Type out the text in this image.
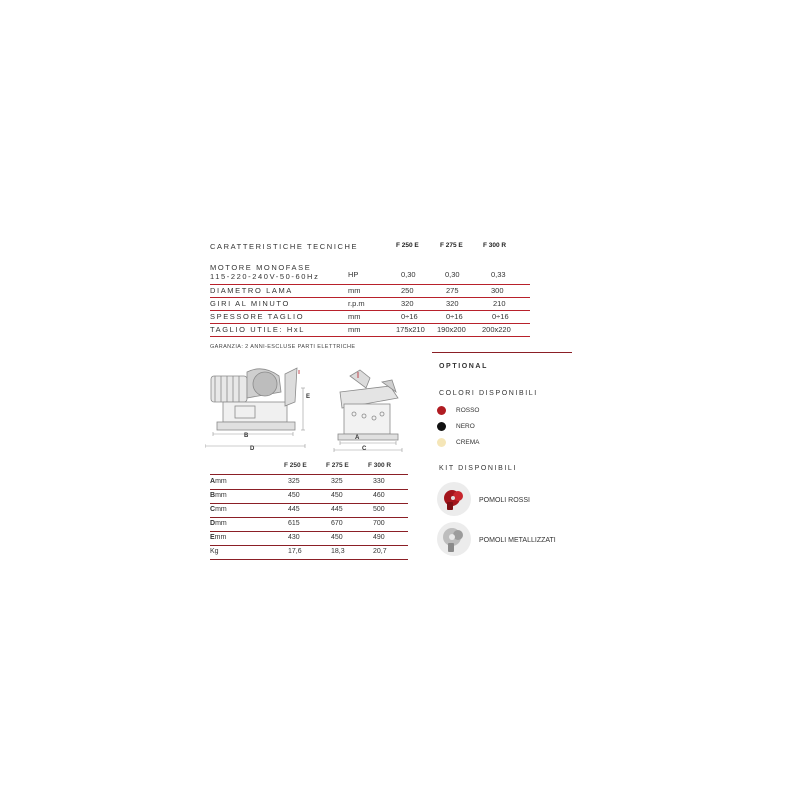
CARATTERISTICHE TECNICHE	F 250 E	F 275 E	F 300 R
MOTORE MONOFASE
115-220-240V-50-60Hz	HP	0,30	0,30	0,33
DIAMETRO LAMA	mm	250	275	300
GIRI AL MINUTO	r.p.m	320	320	210
SPESSORE TAGLIO	mm	0÷16	0÷16	0÷16
TAGLIO UTILE: HxL	mm	175x210 190x200 200x220
GARANZIA: 2 ANNI-ESCLUSE PARTI ELETTRICHE
B
D
E
A
C
F 250 E	F 275 E	F 300 R
Amm	325	325	330
Bmm	450	450	460
Cmm	445	445	500
Dmm	615	670	700
Emm	430	450	490
Kg	17,6	18,3	20,7
OPTIONAL
COLORI DISPONIBILI
ROSSO
NERO
CREMA
KIT DISPONIBILI
POMOLI ROSSI
POMOLI METALLIZZATI
